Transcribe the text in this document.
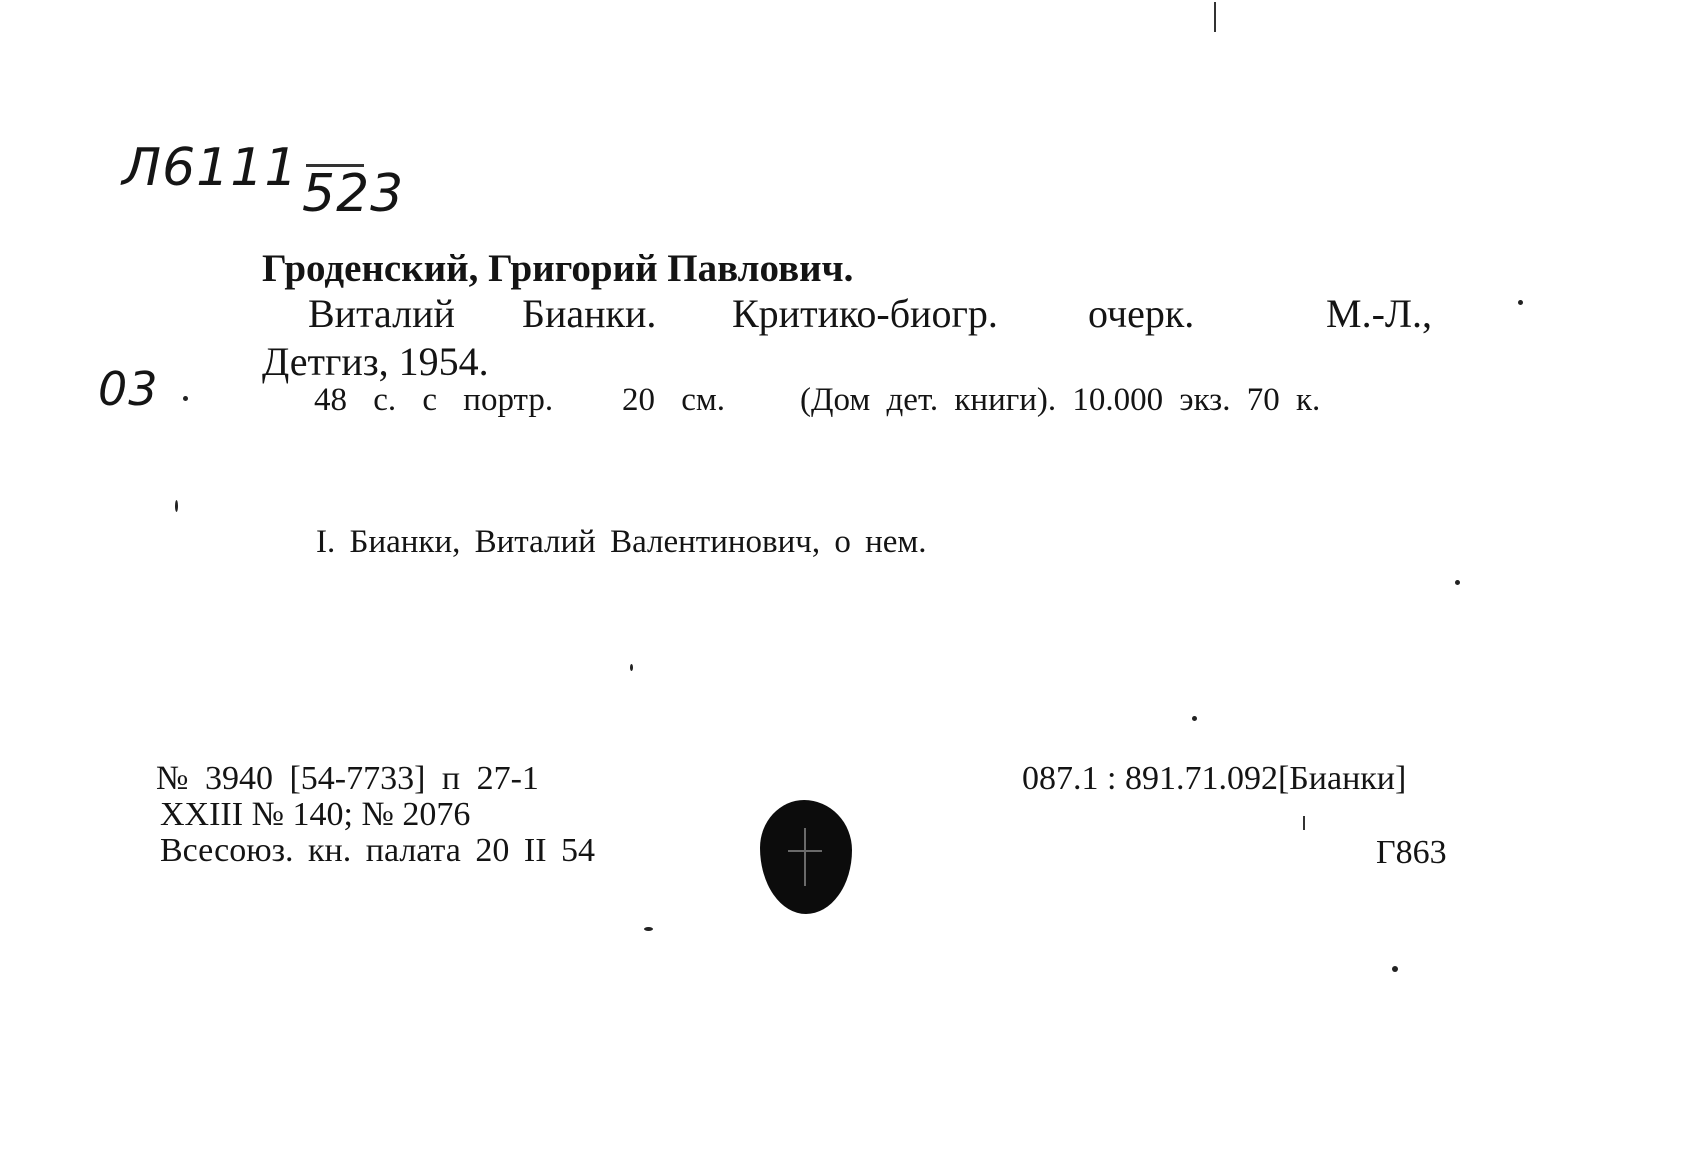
Л6111 523
03
Гроденский, Григорий Павлович.
Виталий Бианки. Критико-биогр. очерк.	М.-Л.,
Детгиз, 1954.
48 с. с портр. 20 см. (Дом дет. книги). 10.000 экз. 70 к.
I. Бианки, Виталий Валентинович, о нем.
№ 3940 [54-7733] п 27-1
XXIII № 140; № 2076
Всесоюз. кн. палата 20 II 54
087.1 : 891.71.092[Бианки]
Г863
